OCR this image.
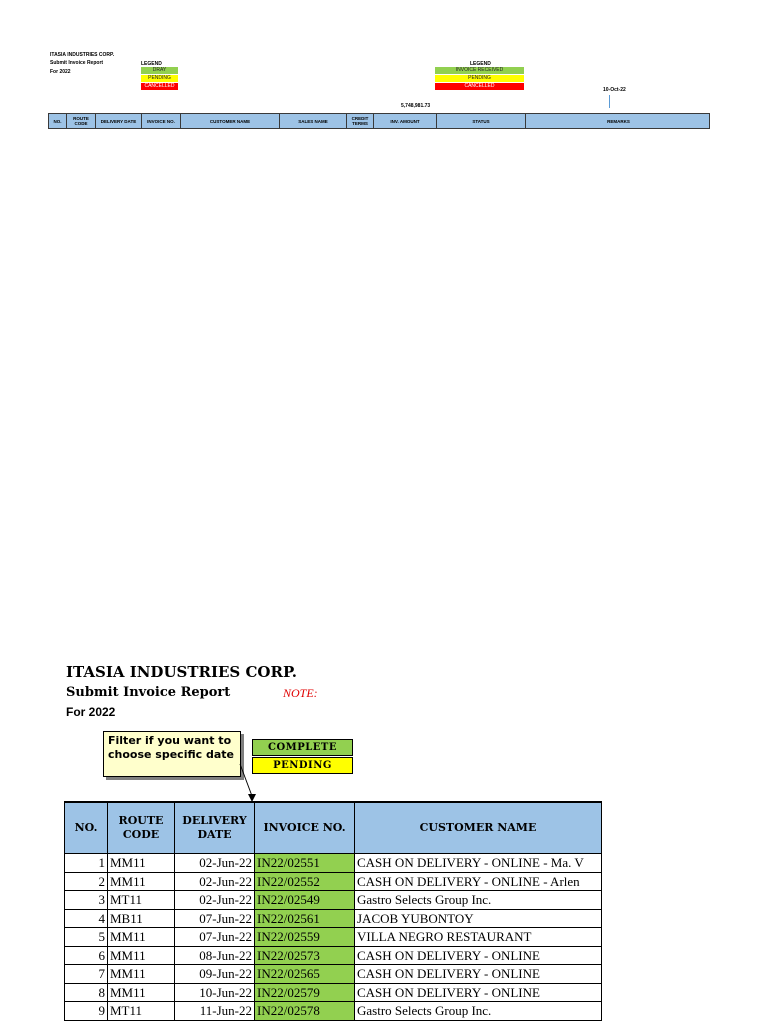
ITASIA INDUSTRIES CORP.
Submit Invoice Report
For 2022
LEGEND
DRAY
PENDING
CANCELLED
LEGEND
INVOICE RECEIVED
PENDING
CANCELLED
10-Oct-22
5,748,981.73
NO.	ROUTE CODE	DELIVERY DATE	INVOICE NO.	CUSTOMER NAME	SALES NAME	CREDIT TERMS	INV. AMOUNT	STATUS	REMARKS
ITASIA INDUSTRIES CORP.
Submit Invoice Report	NOTE:
For 2022
Filter if you want to
choose specific date
COMPLETE
PENDING
NO.	ROUTE CODE	DELIVERY DATE	INVOICE NO.	CUSTOMER NAME
1	MM11	02-Jun-22	IN22/02551	CASH ON DELIVERY - ONLINE - Ma. V
2	MM11	02-Jun-22	IN22/02552	CASH ON DELIVERY - ONLINE - Arlen
3	MT11	02-Jun-22	IN22/02549	Gastro Selects Group Inc.
4	MB11	07-Jun-22	IN22/02561	JACOB YUBONTOY
5	MM11	07-Jun-22	IN22/02559	VILLA NEGRO RESTAURANT
6	MM11	08-Jun-22	IN22/02573	CASH ON DELIVERY - ONLINE
7	MM11	09-Jun-22	IN22/02565	CASH ON DELIVERY - ONLINE
8	MM11	10-Jun-22	IN22/02579	CASH ON DELIVERY - ONLINE
9	MT11	11-Jun-22	IN22/02578	Gastro Selects Group Inc.
